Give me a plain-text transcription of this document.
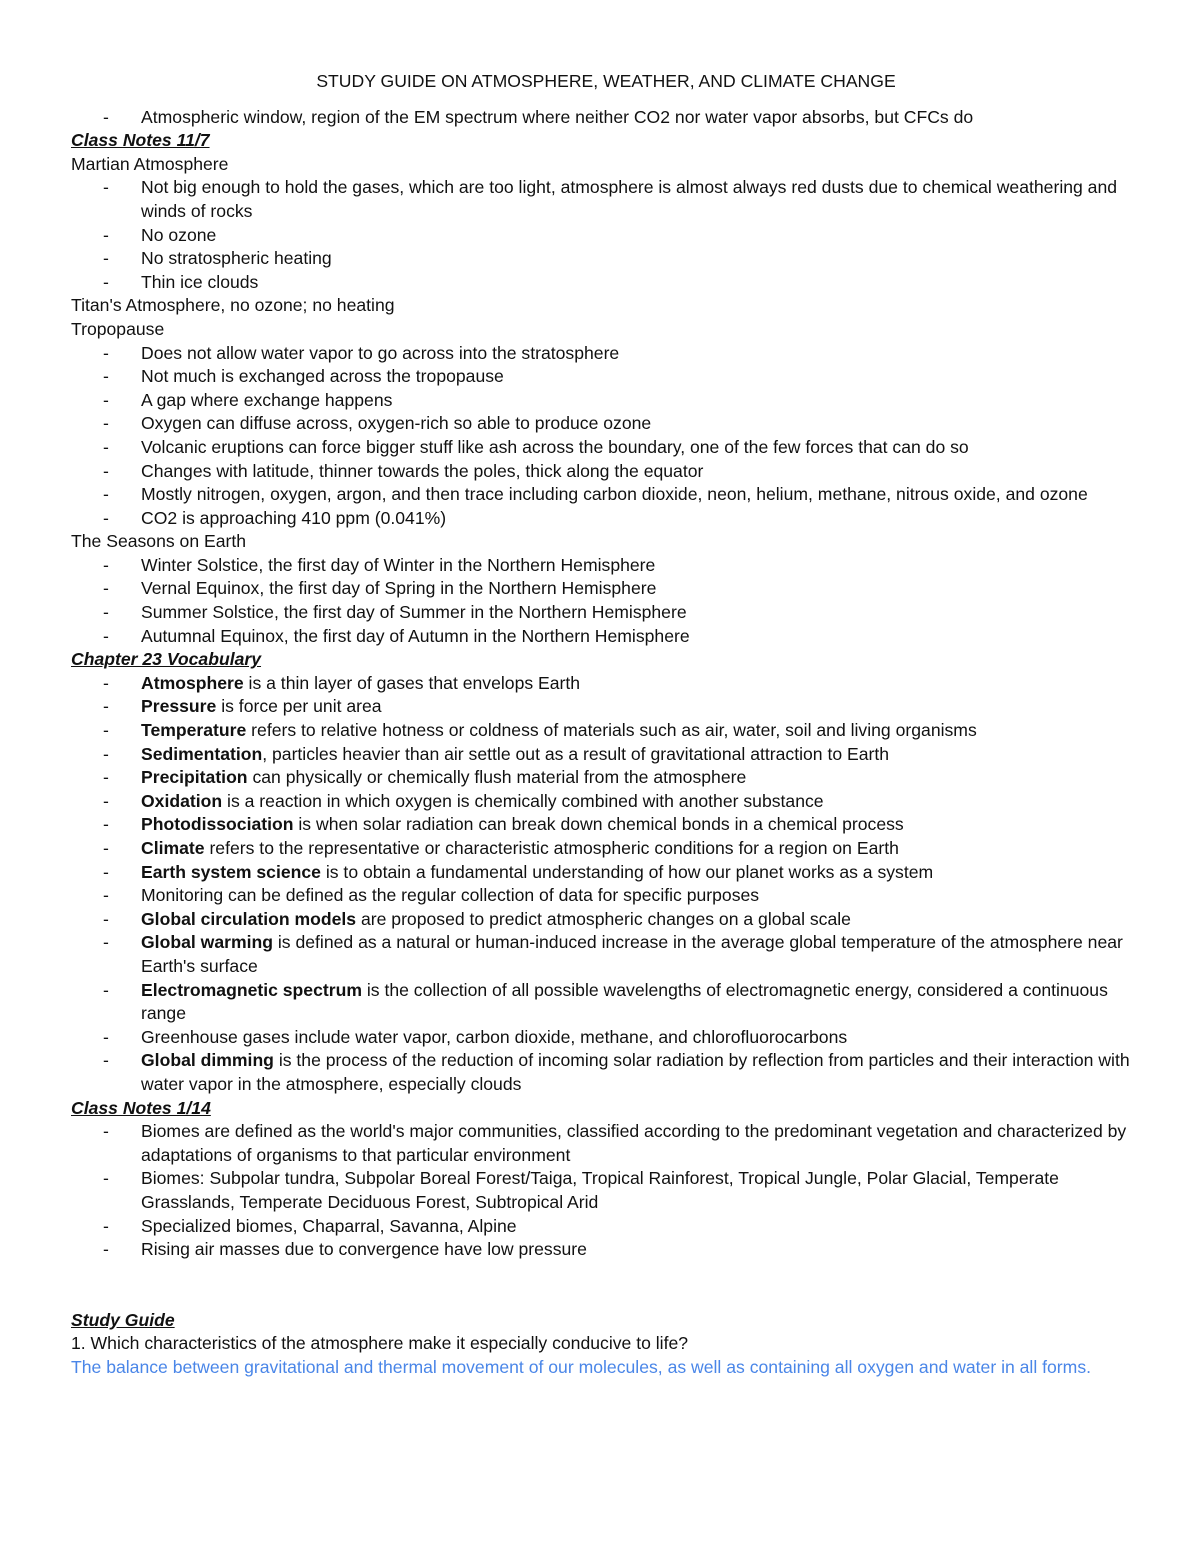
STUDY GUIDE ON ATMOSPHERE, WEATHER, AND CLIMATE CHANGE
- Atmospheric window, region of the EM spectrum where neither CO2 nor water vapor absorbs, but CFCs do
Class Notes 11/7
Martian Atmosphere
- Not big enough to hold the gases, which are too light, atmosphere is almost always red dusts due to chemical weathering and winds of rocks
- No ozone
- No stratospheric heating
- Thin ice clouds
Titan's Atmosphere, no ozone; no heating
Tropopause
- Does not allow water vapor to go across into the stratosphere
- Not much is exchanged across the tropopause
- A gap where exchange happens
- Oxygen can diffuse across, oxygen-rich so able to produce ozone
- Volcanic eruptions can force bigger stuff like ash across the boundary, one of the few forces that can do so
- Changes with latitude, thinner towards the poles, thick along the equator
- Mostly nitrogen, oxygen, argon, and then trace including carbon dioxide, neon, helium, methane, nitrous oxide, and ozone
- CO2 is approaching 410 ppm (0.041%)
The Seasons on Earth
- Winter Solstice, the first day of Winter in the Northern Hemisphere
- Vernal Equinox, the first day of Spring in the Northern Hemisphere
- Summer Solstice, the first day of Summer in the Northern Hemisphere
- Autumnal Equinox, the first day of Autumn in the Northern Hemisphere
Chapter 23 Vocabulary
- Atmosphere is a thin layer of gases that envelops Earth
- Pressure is force per unit area
- Temperature refers to relative hotness or coldness of materials such as air, water, soil and living organisms
- Sedimentation, particles heavier than air settle out as a result of gravitational attraction to Earth
- Precipitation can physically or chemically flush material from the atmosphere
- Oxidation is a reaction in which oxygen is chemically combined with another substance
- Photodissociation is when solar radiation can break down chemical bonds in a chemical process
- Climate refers to the representative or characteristic atmospheric conditions for a region on Earth
- Earth system science is to obtain a fundamental understanding of how our planet works as a system
- Monitoring can be defined as the regular collection of data for specific purposes
- Global circulation models are proposed to predict atmospheric changes on a global scale
- Global warming is defined as a natural or human-induced increase in the average global temperature of the atmosphere near Earth's surface
- Electromagnetic spectrum is the collection of all possible wavelengths of electromagnetic energy, considered a continuous range
- Greenhouse gases include water vapor, carbon dioxide, methane, and chlorofluorocarbons
- Global dimming is the process of the reduction of incoming solar radiation by reflection from particles and their interaction with water vapor in the atmosphere, especially clouds
Class Notes 1/14
- Biomes are defined as the world's major communities, classified according to the predominant vegetation and characterized by adaptations of organisms to that particular environment
- Biomes: Subpolar tundra, Subpolar Boreal Forest/Taiga, Tropical Rainforest, Tropical Jungle, Polar Glacial, Temperate Grasslands, Temperate Deciduous Forest, Subtropical Arid
- Specialized biomes, Chaparral, Savanna, Alpine
- Rising air masses due to convergence have low pressure
Study Guide
1. Which characteristics of the atmosphere make it especially conducive to life?
The balance between gravitational and thermal movement of our molecules, as well as containing all oxygen and water in all forms.
